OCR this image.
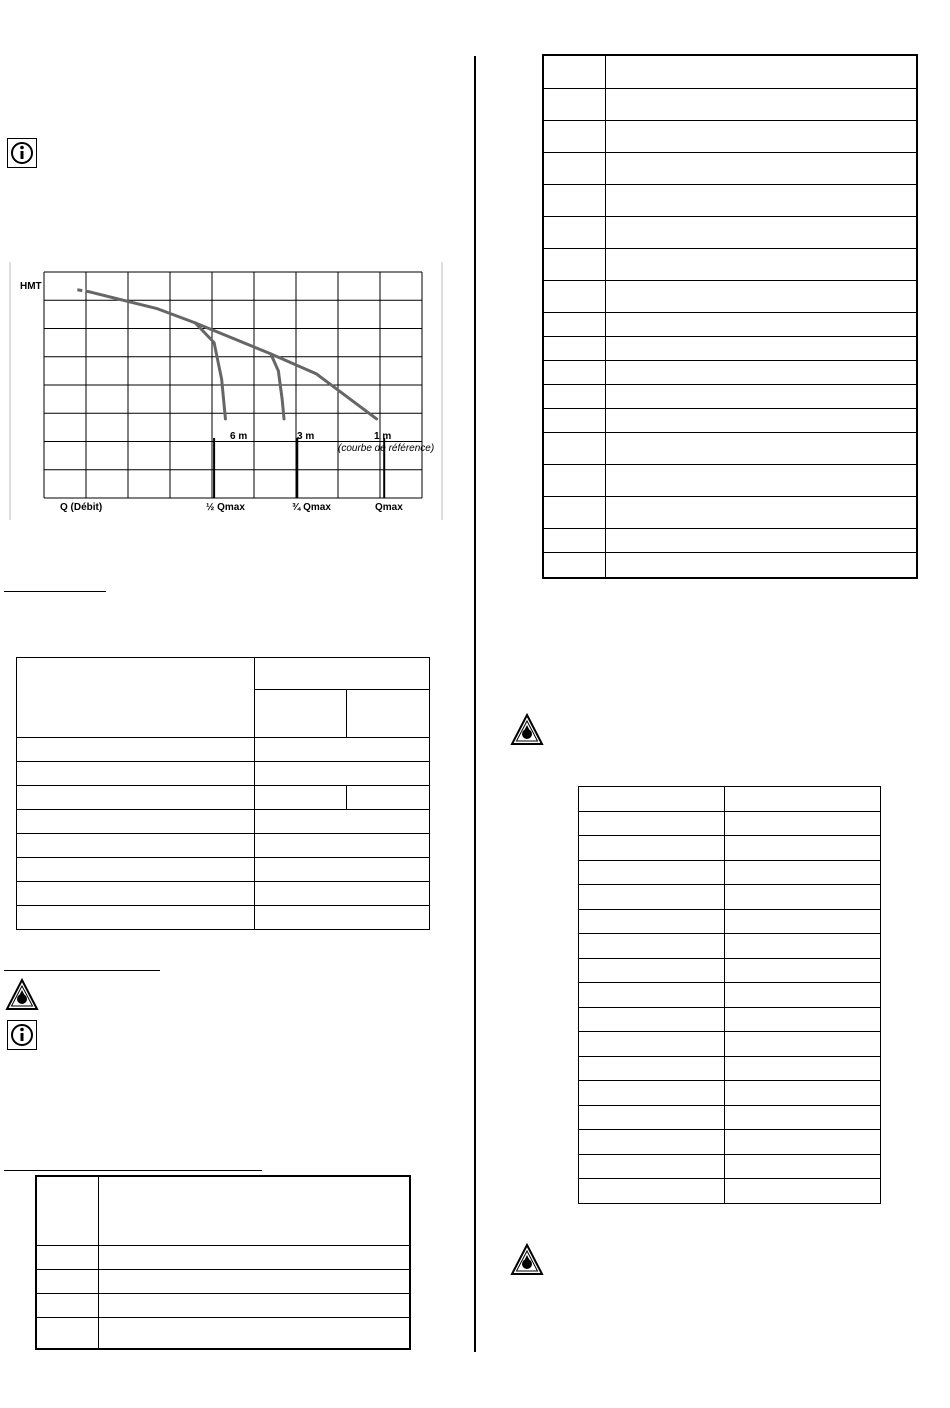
HMT
Q (Débit)	½ Qmax	¾ Qmax	Qmax
6 m	3 m	1 m
(courbe de référence)
